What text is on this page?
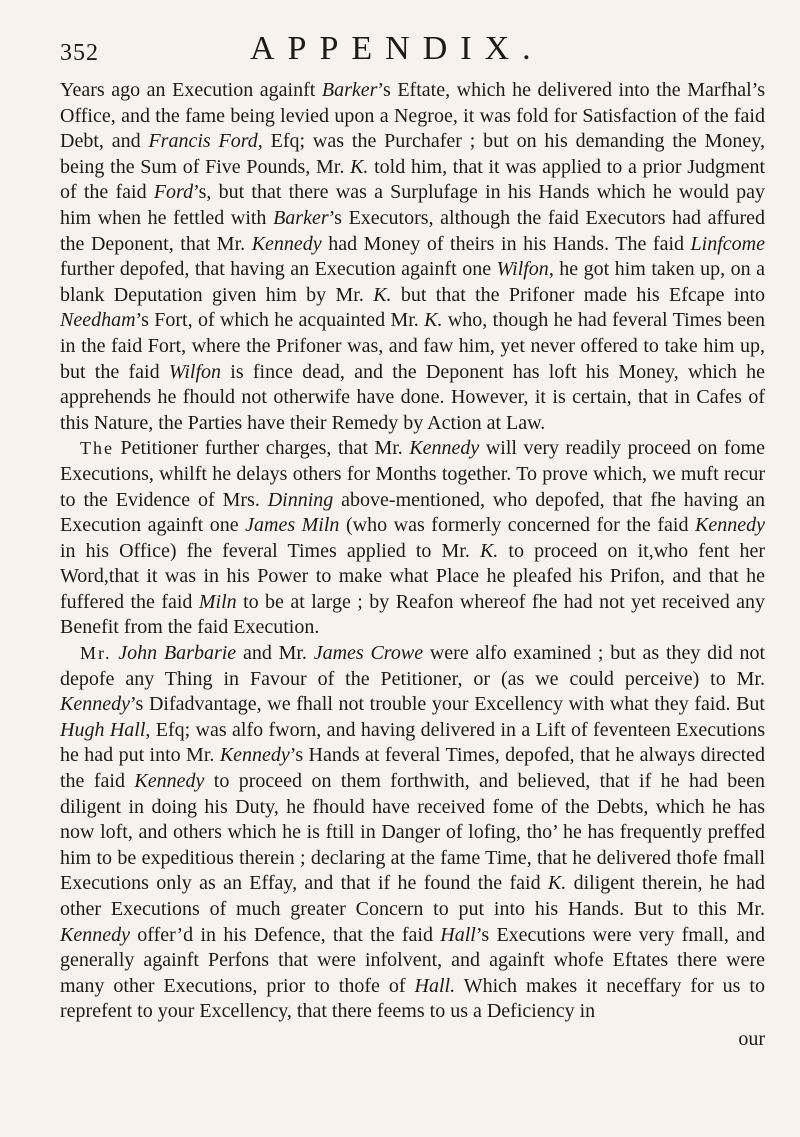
352	APPENDIX.

Years ago an Execution againft Barker’s Eftate, which he delivered into the Marfhal’s Office, and the fame being levied upon a Negroe, it was fold for Satisfaction of the faid Debt, and Francis Ford, Efq; was the Purchafer ; but on his demanding the Money, being the Sum of Five Pounds, Mr. K. told him, that it was applied to a prior Judgment of the faid Ford’s, but that there was a Surplufage in his Hands which he would pay him when he fettled with Barker’s Executors, although the faid Executors had affured the Deponent, that Mr. Kennedy had Money of theirs in his Hands. The faid Linfcome further depofed, that having an Execution againft one Wilfon, he got him taken up, on a blank Deputation given him by Mr. K. but that the Prifoner made his Efcape into Needham’s Fort, of which he acquainted Mr. K. who, though he had feveral Times been in the faid Fort, where the Prifoner was, and faw him, yet never offered to take him up, but the faid Wilfon is fince dead, and the Deponent has loft his Money, which he apprehends he fhould not otherwife have done. However, it is certain, that in Cafes of this Nature, the Parties have their Remedy by Action at Law.

The Petitioner further charges, that Mr. Kennedy will very readily proceed on fome Executions, whilft he delays others for Months together. To prove which, we muft recur to the Evidence of Mrs. Dinning above-mentioned, who depofed, that fhe having an Execution againft one James Miln (who was formerly concerned for the faid Kennedy in his Office) fhe feveral Times applied to Mr. K. to proceed on it,who fent her Word,that it was in his Power to make what Place he pleafed his Prifon, and that he fuffered the faid Miln to be at large ; by Reafon whereof fhe had not yet received any Benefit from the faid Execution.

Mr. John Barbarie and Mr. James Crowe were alfo examined ; but as they did not depofe any Thing in Favour of the Petitioner, or (as we could perceive) to Mr. Kennedy’s Difadvantage, we fhall not trouble your Excellency with what they faid. But Hugh Hall, Efq; was alfo fworn, and having delivered in a Lift of feventeen Executions he had put into Mr. Kennedy’s Hands at feveral Times, depofed, that he always directed the faid Kennedy to proceed on them forthwith, and believed, that if he had been diligent in doing his Duty, he fhould have received fome of the Debts, which he has now loft, and others which he is ftill in Danger of lofing, tho’ he has frequently preffed him to be expeditious therein ; declaring at the fame Time, that he delivered thofe fmall Executions only as an Effay, and that if he found the faid K. diligent therein, he had other Executions of much greater Concern to put into his Hands. But to this Mr. Kennedy offer’d in his Defence, that the faid Hall’s Executions were very fmall, and generally againft Perfons that were infolvent, and againft whofe Eftates there were many other Executions, prior to thofe of Hall. Which makes it neceffary for us to reprefent to your Excellency, that there feems to us a Deficiency in

our
